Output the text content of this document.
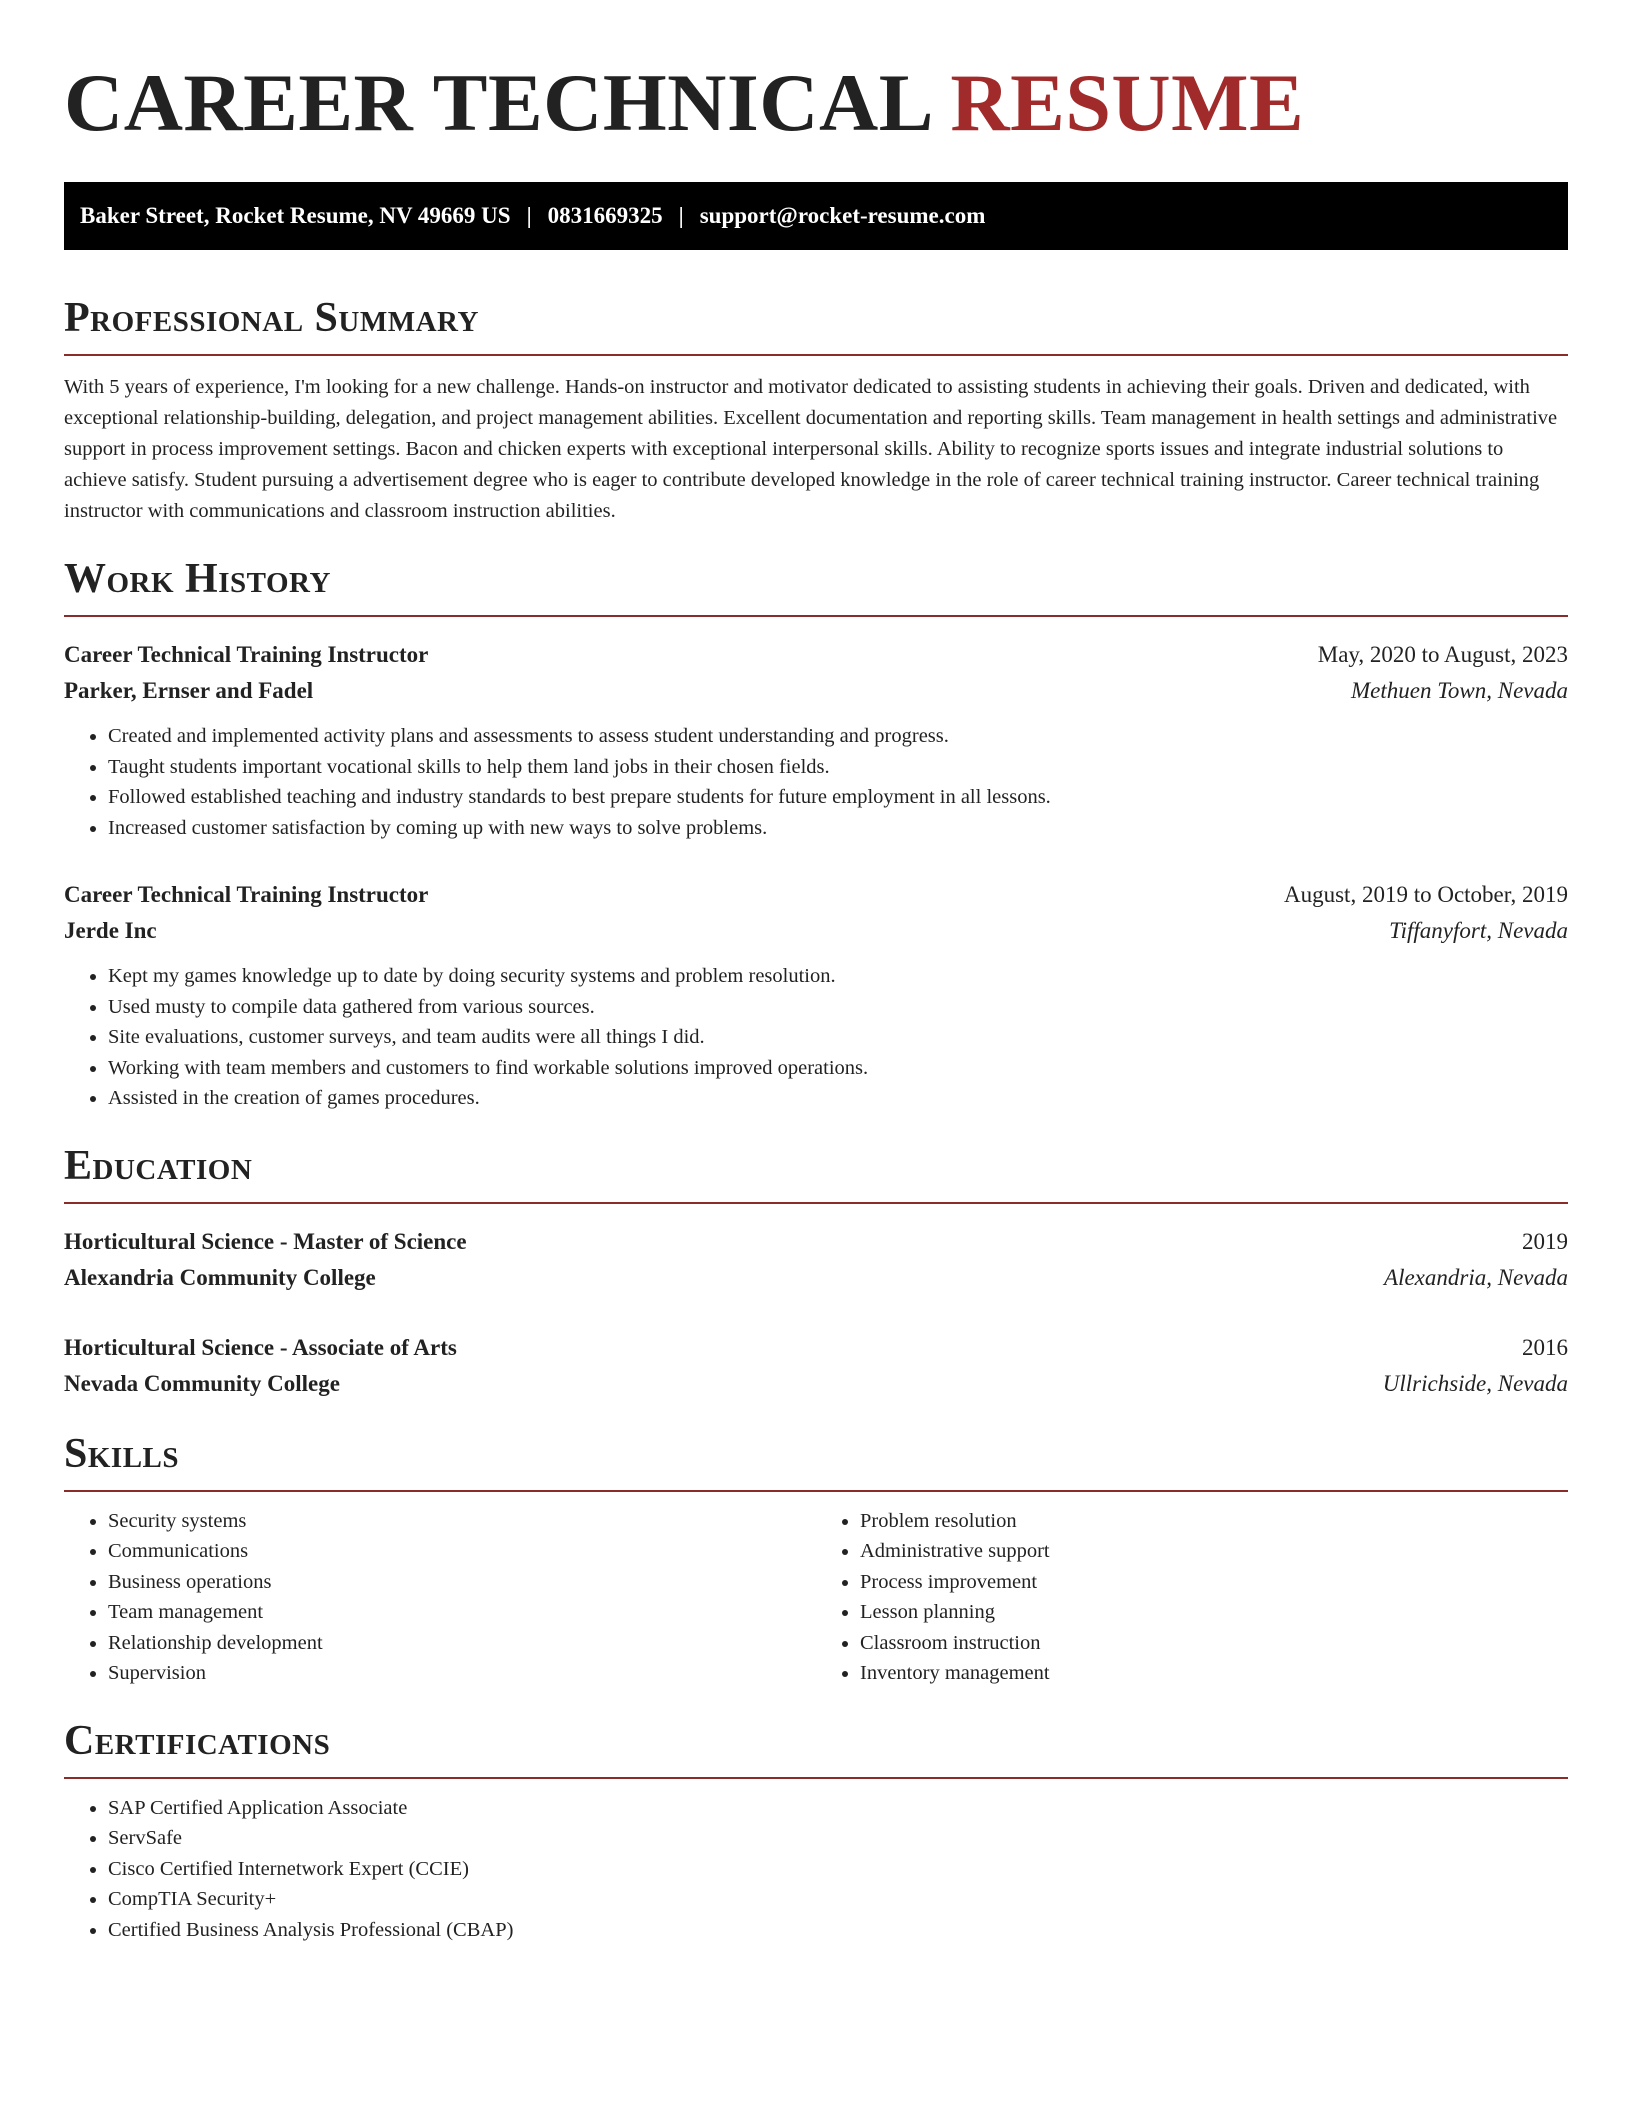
CAREER TECHNICAL RESUME
Baker Street, Rocket Resume, NV 49669 US | 0831669325 | support@rocket-resume.com
Professional Summary

With 5 years of experience, I'm looking for a new challenge. Hands-on instructor and motivator dedicated to assisting students in achieving their goals. Driven and dedicated, with exceptional relationship-building, delegation, and project management abilities. Excellent documentation and reporting skills. Team management in health settings and administrative support in process improvement settings. Bacon and chicken experts with exceptional interpersonal skills. Ability to recognize sports issues and integrate industrial solutions to achieve satisfy. Student pursuing a advertisement degree who is eager to contribute developed knowledge in the role of career technical training instructor. Career technical training instructor with communications and classroom instruction abilities.

Work History
Career Technical Training Instructor	May, 2020 to August, 2023
Parker, Ernser and Fadel	Methuen Town, Nevada
• Created and implemented activity plans and assessments to assess student understanding and progress.
• Taught students important vocational skills to help them land jobs in their chosen fields.
• Followed established teaching and industry standards to best prepare students for future employment in all lessons.
• Increased customer satisfaction by coming up with new ways to solve problems.
Career Technical Training Instructor	August, 2019 to October, 2019
Jerde Inc	Tiffanyfort, Nevada
• Kept my games knowledge up to date by doing security systems and problem resolution.
• Used musty to compile data gathered from various sources.
• Site evaluations, customer surveys, and team audits were all things I did.
• Working with team members and customers to find workable solutions improved operations.
• Assisted in the creation of games procedures.
Education
Horticultural Science - Master of Science	2019
Alexandria Community College	Alexandria, Nevada
Horticultural Science - Associate of Arts	2016
Nevada Community College	Ullrichside, Nevada
Skills
• Security systems
• Communications
• Business operations
• Team management
• Relationship development
• Supervision
• Problem resolution
• Administrative support
• Process improvement
• Lesson planning
• Classroom instruction
• Inventory management
Certifications
• SAP Certified Application Associate
• ServSafe
• Cisco Certified Internetwork Expert (CCIE)
• CompTIA Security+
• Certified Business Analysis Professional (CBAP)
